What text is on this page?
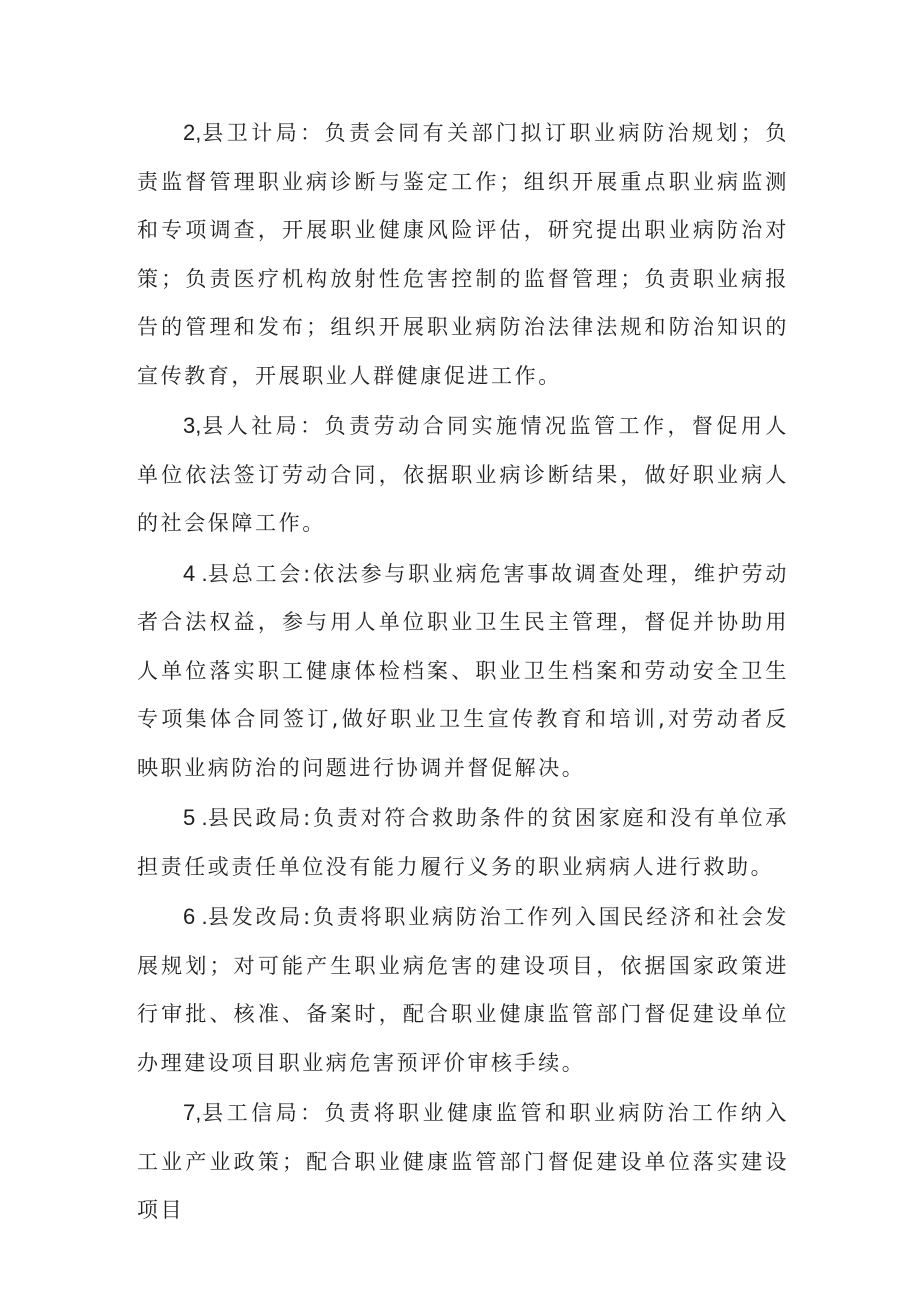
2,县卫计局：负责会同有关部门拟订职业病防治规划；负责监督管理职业病诊断与鉴定工作；组织开展重点职业病监测和专项调查，开展职业健康风险评估，研究提出职业病防治对策；负责医疗机构放射性危害控制的监督管理；负责职业病报告的管理和发布；组织开展职业病防治法律法规和防治知识的宣传教育，开展职业人群健康促进工作。

3,县人社局：负责劳动合同实施情况监管工作，督促用人单位依法签订劳动合同，依据职业病诊断结果，做好职业病人的社会保障工作。

4 .县总工会:依法参与职业病危害事故调查处理，维护劳动者合法权益，参与用人单位职业卫生民主管理，督促并协助用人单位落实职工健康体检档案、职业卫生档案和劳动安全卫生专项集体合同签订,做好职业卫生宣传教育和培训,对劳动者反映职业病防治的问题进行协调并督促解决。

5 .县民政局:负责对符合救助条件的贫困家庭和没有单位承担责任或责任单位没有能力履行义务的职业病病人进行救助。

6 .县发改局:负责将职业病防治工作列入国民经济和社会发展规划；对可能产生职业病危害的建设项目，依据国家政策进行审批、核准、备案时，配合职业健康监管部门督促建设单位办理建设项目职业病危害预评价审核手续。

7,县工信局：负责将职业健康监管和职业病防治工作纳入工业产业政策；配合职业健康监管部门督促建设单位落实建设项目
